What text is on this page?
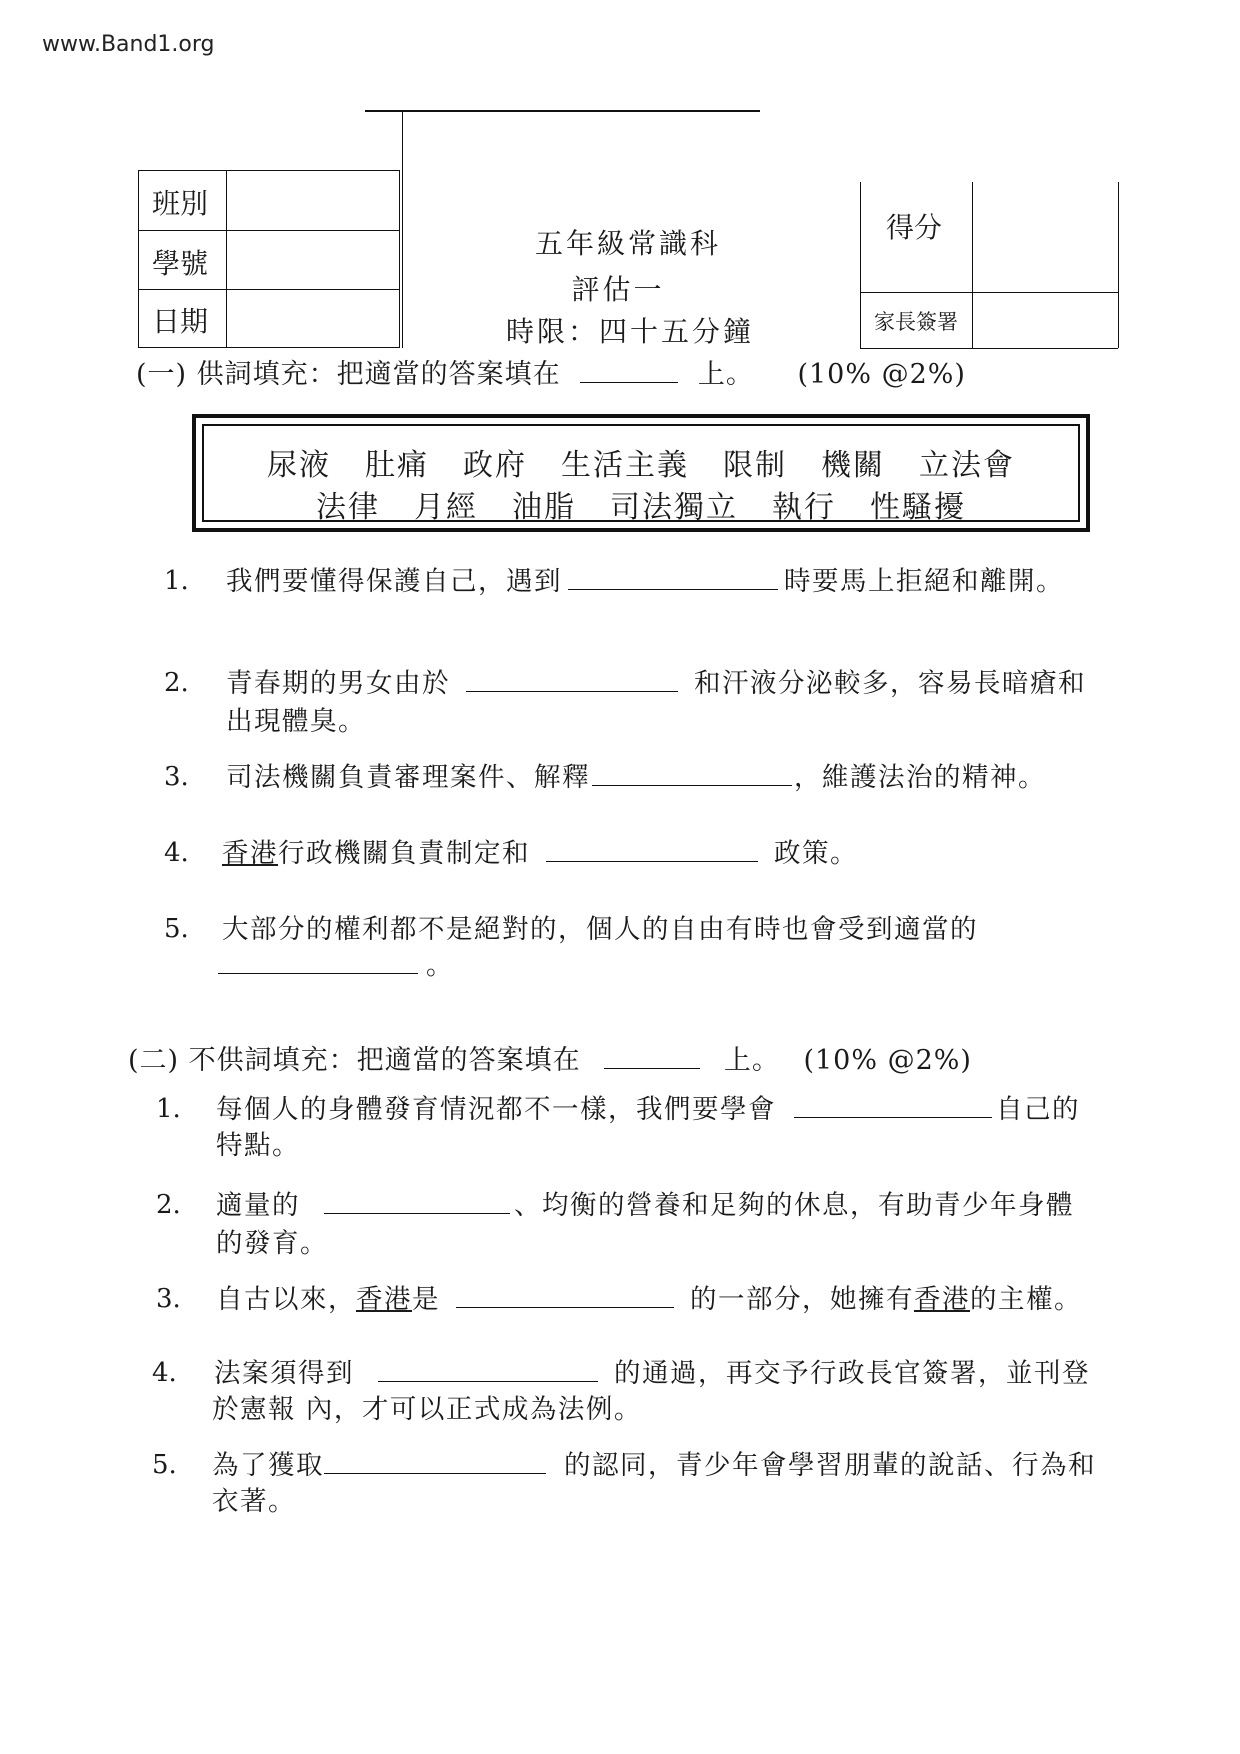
www.Band1.org
班別
學號
日期
五年級常識科
評估一
時限：四十五分鐘
得分
家長簽署
(一) 供詞填充：把適當的答案填在	上。 (10% @2%)
尿液 肚痛 政府 生活主義 限制 機關 立法會
法律 月經 油脂 司法獨立 執行 性騷擾
1. 我們要懂得保護自己，遇到	時要馬上拒絕和離開。
2. 青春期的男女由於	和汗液分泌較多，容易長暗瘡和
出現體臭。
3. 司法機關負責審理案件、解釋	，維護法治的精神。
4. 香港行政機關負責制定和	政策。
5. 大部分的權利都不是絕對的，個人的自由有時也會受到適當的
。
(二) 不供詞填充：把適當的答案填在	上。 (10% @2%)
1. 每個人的身體發育情況都不一樣，我們要學會	自己的
特點。
2. 適量的	、均衡的營養和足夠的休息，有助青少年身體
的發育。
3. 自古以來，香港是	的一部分，她擁有香港的主權。
4. 法案須得到	的通過，再交予行政長官簽署，並刊登
於憲報 內，才可以正式成為法例。
5. 為了獲取	的認同，青少年會學習朋輩的說話、行為和
衣著。
